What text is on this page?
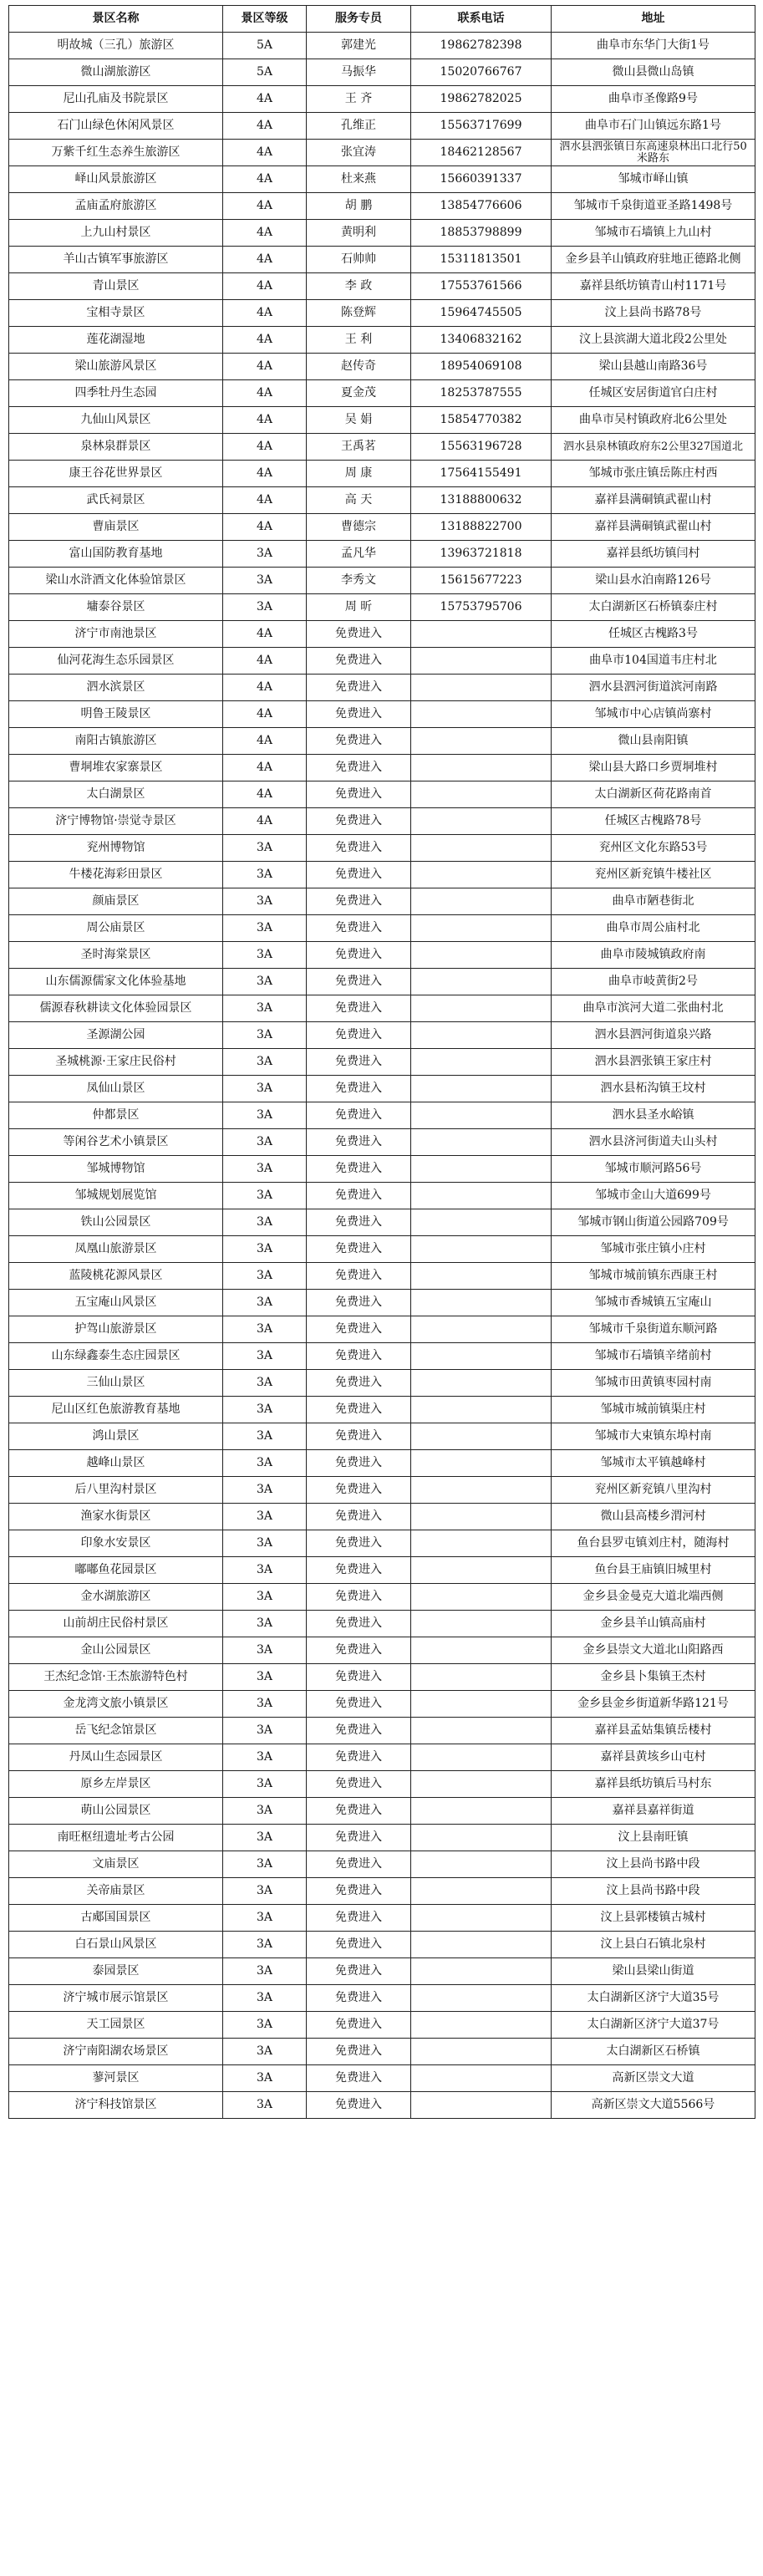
景区名称	景区等级	服务专员	联系电话	地址
明故城（三孔）旅游区	5A	郭建光	19862782398	曲阜市东华门大街1号
微山湖旅游区	5A	马振华	15020766767	微山县微山岛镇
尼山孔庙及书院景区	4A	王 齐	19862782025	曲阜市圣像路9号
石门山绿色休闲风景区	4A	孔维正	15563717699	曲阜市石门山镇远东路1号
万紫千红生态养生旅游区	4A	张宜涛	18462128567	泗水县泗张镇日东高速泉林出口北行50米路东
峄山风景旅游区	4A	杜来燕	15660391337	邹城市峄山镇
孟庙孟府旅游区	4A	胡 鹏	13854776606	邹城市千泉街道亚圣路1498号
上九山村景区	4A	黄明利	18853798899	邹城市石墙镇上九山村
羊山古镇军事旅游区	4A	石帅帅	15311813501	金乡县羊山镇政府驻地正德路北侧
青山景区	4A	李 政	17553761566	嘉祥县纸坊镇青山村1171号
宝相寺景区	4A	陈登辉	15964745505	汶上县尚书路78号
莲花湖湿地	4A	王 利	13406832162	汶上县滨湖大道北段2公里处
梁山旅游风景区	4A	赵传奇	18954069108	梁山县越山南路36号
四季牡丹生态园	4A	夏金茂	18253787555	任城区安居街道官白庄村
九仙山风景区	4A	吴 娟	15854770382	曲阜市吴村镇政府北6公里处
泉林泉群景区	4A	王禹茗	15563196728	泗水县泉林镇政府东2公里327国道北
康王谷花世界景区	4A	周 康	17564155491	邹城市张庄镇岳陈庄村西
武氏祠景区	4A	高 天	13188800632	嘉祥县满硐镇武翟山村
曹庙景区	4A	曹德宗	13188822700	嘉祥县满硐镇武翟山村
富山国防教育基地	3A	孟凡华	13963721818	嘉祥县纸坊镇闫村
梁山水浒酒文化体验馆景区	3A	李秀文	15615677223	梁山县水泊南路126号
墉泰谷景区	3A	周 昕	15753795706	太白湖新区石桥镇泰庄村
济宁市南池景区	4A	免费进入		任城区古槐路3号
仙河花海生态乐园景区	4A	免费进入		曲阜市104国道韦庄村北
泗水滨景区	4A	免费进入		泗水县泗河街道滨河南路
明鲁王陵景区	4A	免费进入		邹城市中心店镇尚寨村
南阳古镇旅游区	4A	免费进入		微山县南阳镇
曹垌堆农家寨景区	4A	免费进入		梁山县大路口乡贾垌堆村
太白湖景区	4A	免费进入		太白湖新区荷花路南首
济宁博物馆·崇觉寺景区	4A	免费进入		任城区古槐路78号
兖州博物馆	3A	免费进入		兖州区文化东路53号
牛楼花海彩田景区	3A	免费进入		兖州区新兖镇牛楼社区
颜庙景区	3A	免费进入		曲阜市陋巷街北
周公庙景区	3A	免费进入		曲阜市周公庙村北
圣时海棠景区	3A	免费进入		曲阜市陵城镇政府南
山东儒源儒家文化体验基地	3A	免费进入		曲阜市岐黄街2号
儒源春秋耕读文化体验园景区	3A	免费进入		曲阜市滨河大道二张曲村北
圣源湖公园	3A	免费进入		泗水县泗河街道泉兴路
圣城桃源·王家庄民俗村	3A	免费进入		泗水县泗张镇王家庄村
凤仙山景区	3A	免费进入		泗水县柘沟镇王坟村
仲都景区	3A	免费进入		泗水县圣水峪镇
等闲谷艺术小镇景区	3A	免费进入		泗水县济河街道夫山头村
邹城博物馆	3A	免费进入		邹城市顺河路56号
邹城规划展览馆	3A	免费进入		邹城市金山大道699号
铁山公园景区	3A	免费进入		邹城市钢山街道公园路709号
凤凰山旅游景区	3A	免费进入		邹城市张庄镇小庄村
蓝陵桃花源风景区	3A	免费进入		邹城市城前镇东西康王村
五宝庵山风景区	3A	免费进入		邹城市香城镇五宝庵山
护驾山旅游景区	3A	免费进入		邹城市千泉街道东顺河路
山东绿鑫泰生态庄园景区	3A	免费进入		邹城市石墙镇辛绪前村
三仙山景区	3A	免费进入		邹城市田黄镇枣园村南
尼山区红色旅游教育基地	3A	免费进入		邹城市城前镇渠庄村
鸿山景区	3A	免费进入		邹城市大束镇东埠村南
越峰山景区	3A	免费进入		邹城市太平镇越峰村
后八里沟村景区	3A	免费进入		兖州区新兖镇八里沟村
渔家水街景区	3A	免费进入		微山县高楼乡渭河村
印象水安景区	3A	免费进入		鱼台县罗屯镇刘庄村，随海村
嘟嘟鱼花园景区	3A	免费进入		鱼台县王庙镇旧城里村
金水湖旅游区	3A	免费进入		金乡县金曼克大道北端西侧
山前胡庄民俗村景区	3A	免费进入		金乡县羊山镇高庙村
金山公园景区	3A	免费进入		金乡县崇文大道北山阳路西
王杰纪念馆·王杰旅游特色村	3A	免费进入		金乡县卜集镇王杰村
金龙湾文旅小镇景区	3A	免费进入		金乡县金乡街道新华路121号
岳飞纪念馆景区	3A	免费进入		嘉祥县孟姑集镇岳楼村
丹凤山生态园景区	3A	免费进入		嘉祥县黄垓乡山屯村
原乡左岸景区	3A	免费进入		嘉祥县纸坊镇后马村东
萌山公园景区	3A	免费进入		嘉祥县嘉祥街道
南旺枢纽遗址考古公园	3A	免费进入		汶上县南旺镇
文庙景区	3A	免费进入		汶上县尚书路中段
关帝庙景区	3A	免费进入		汶上县尚书路中段
古郕国国景区	3A	免费进入		汶上县郭楼镇古城村
白石景山风景区	3A	免费进入		汶上县白石镇北泉村
泰园景区	3A	免费进入		梁山县梁山街道
济宁城市展示馆景区	3A	免费进入		太白湖新区济宁大道35号
天工园景区	3A	免费进入		太白湖新区济宁大道37号
济宁南阳湖农场景区	3A	免费进入		太白湖新区石桥镇
蓼河景区	3A	免费进入		高新区崇文大道
济宁科技馆景区	3A	免费进入		高新区崇文大道5566号
